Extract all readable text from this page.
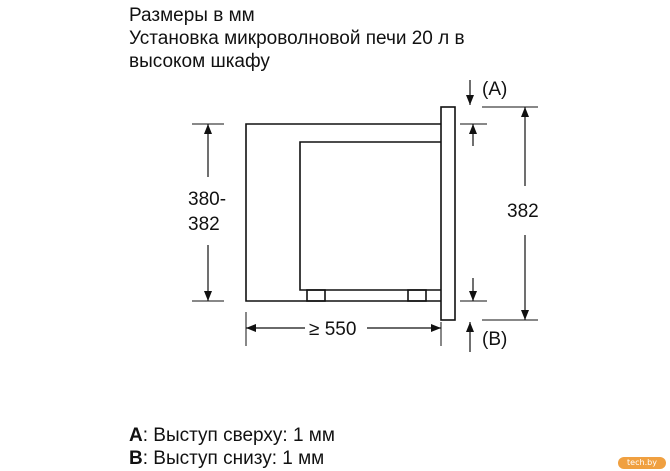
Размеры в мм
Установка микроволновой печи 20 л в
высоком шкафу
380-
382
382
≥ 550
(A)
(B)
A: Выступ сверху: 1 мм
B: Выступ снизу: 1 мм	tech.by
